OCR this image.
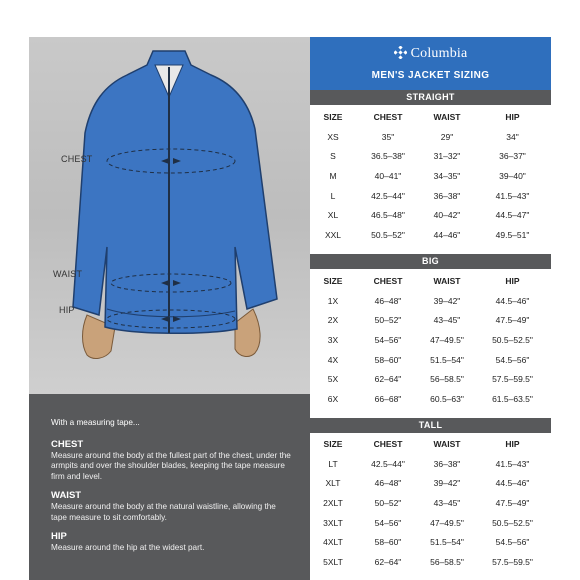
CHEST
WAIST
HIP
With a measuring tape...
CHEST
Measure around the body at the fullest part of the chest, under the armpits and over the shoulder blades, keeping the tape measure firm and level.
WAIST
Measure around the body at the natural waistline, allowing the tape measure to sit comfortably.
HIP
Measure around the hip at the widest part.
Columbia
MEN'S JACKET SIZING
STRAIGHT
SIZE	CHEST	WAIST	HIP
XS	35"	29"	34"
S	36.5–38"	31–32"	36–37"
M	40–41"	34–35"	39–40"
L	42.5–44"	36–38"	41.5–43"
XL	46.5–48"	40–42"	44.5–47"
XXL	50.5–52"	44–46"	49.5–51"
BIG
SIZE	CHEST	WAIST	HIP
1X	46–48"	39–42"	44.5–46"
2X	50–52"	43–45"	47.5–49"
3X	54–56"	47–49.5"	50.5–52.5"
4X	58–60"	51.5–54"	54.5–56"
5X	62–64"	56–58.5"	57.5–59.5"
6X	66–68"	60.5–63"	61.5–63.5"
TALL
SIZE	CHEST	WAIST	HIP
LT	42.5–44"	36–38"	41.5–43"
XLT	46–48"	39–42"	44.5–46"
2XLT	50–52"	43–45"	47.5–49"
3XLT	54–56"	47–49.5"	50.5–52.5"
4XLT	58–60"	51.5–54"	54.5–56"
5XLT	62–64"	56–58.5"	57.5–59.5"
